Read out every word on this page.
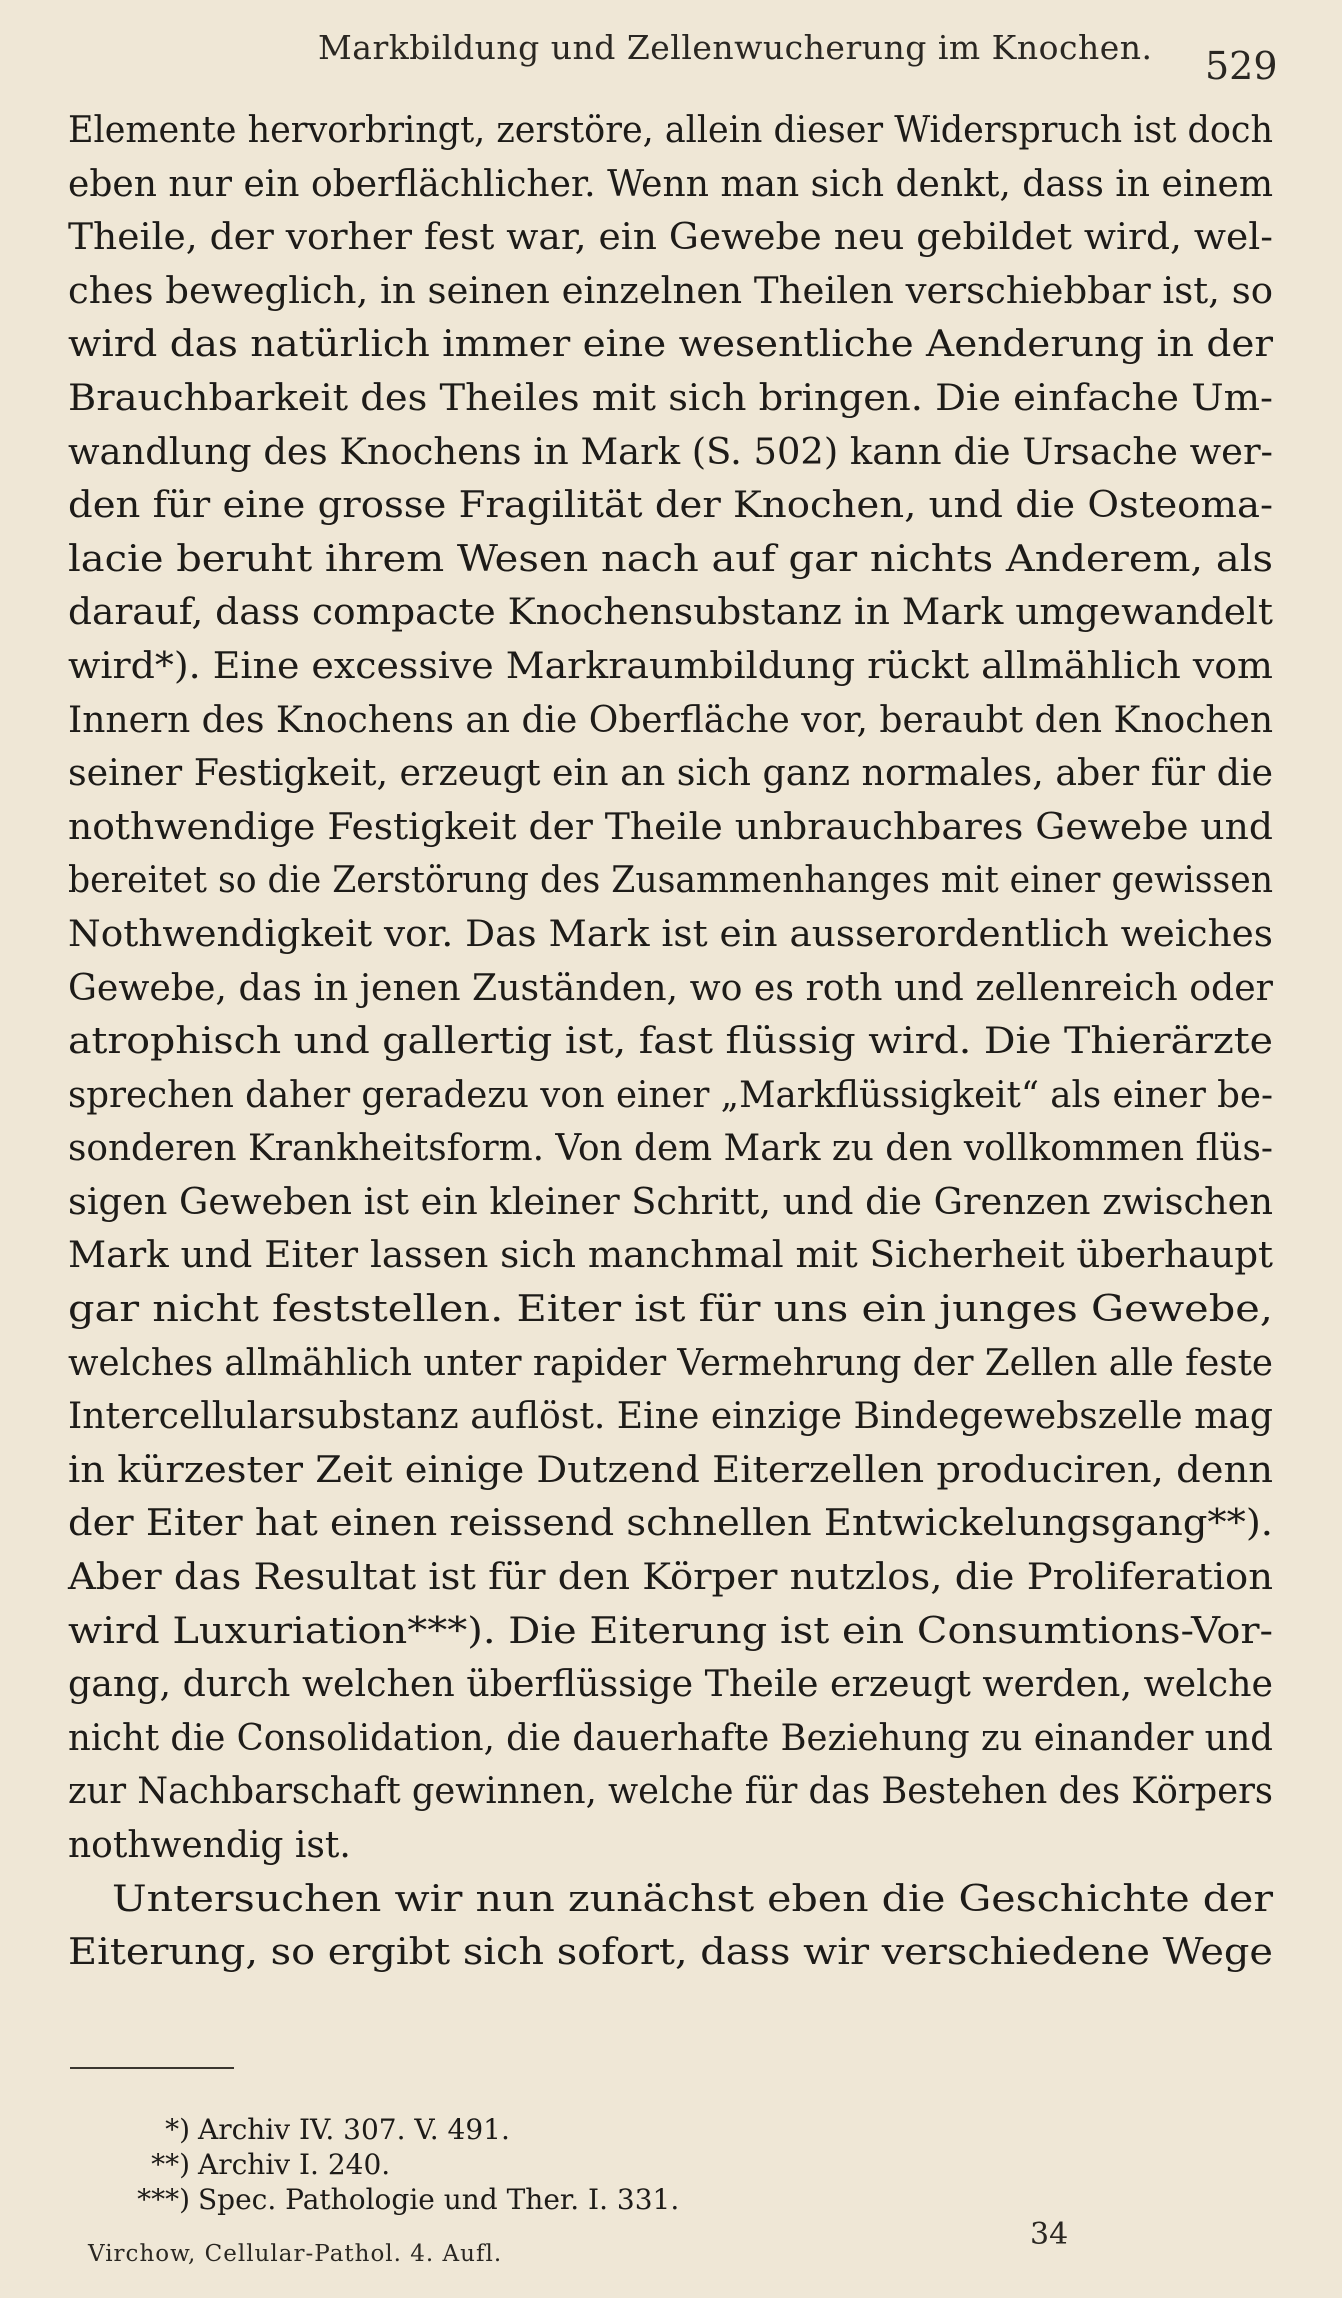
Markbildung und Zellenwucherung im Knochen. 529
Elemente hervorbringt, zerstöre, allein dieser Widerspruch ist doch
eben nur ein oberflächlicher. Wenn man sich denkt, dass in einem
Theile, der vorher fest war, ein Gewebe neu gebildet wird, wel-
ches beweglich, in seinen einzelnen Theilen verschiebbar ist, so
wird das natürlich immer eine wesentliche Aenderung in der
Brauchbarkeit des Theiles mit sich bringen. Die einfache Um-
wandlung des Knochens in Mark (S. 502) kann die Ursache wer-
den für eine grosse Fragilität der Knochen, und die Osteoma-
lacie beruht ihrem Wesen nach auf gar nichts Anderem, als
darauf, dass compacte Knochensubstanz in Mark umgewandelt
wird*). Eine excessive Markraumbildung rückt allmählich vom
Innern des Knochens an die Oberfläche vor, beraubt den Knochen
seiner Festigkeit, erzeugt ein an sich ganz normales, aber für die
nothwendige Festigkeit der Theile unbrauchbares Gewebe und
bereitet so die Zerstörung des Zusammenhanges mit einer gewissen
Nothwendigkeit vor. Das Mark ist ein ausserordentlich weiches
Gewebe, das in jenen Zuständen, wo es roth und zellenreich oder
atrophisch und gallertig ist, fast flüssig wird. Die Thierärzte
sprechen daher geradezu von einer „Markflüssigkeit“ als einer be-
sonderen Krankheitsform. Von dem Mark zu den vollkommen flüs-
sigen Geweben ist ein kleiner Schritt, und die Grenzen zwischen
Mark und Eiter lassen sich manchmal mit Sicherheit überhaupt
gar nicht feststellen. Eiter ist für uns ein junges Gewebe,
welches allmählich unter rapider Vermehrung der Zellen alle feste
Intercellularsubstanz auflöst. Eine einzige Bindegewebszelle mag
in kürzester Zeit einige Dutzend Eiterzellen produciren, denn
der Eiter hat einen reissend schnellen Entwickelungsgang**).
Aber das Resultat ist für den Körper nutzlos, die Proliferation
wird Luxuriation***). Die Eiterung ist ein Consumtions-Vor-
gang, durch welchen überflüssige Theile erzeugt werden, welche
nicht die Consolidation, die dauerhafte Beziehung zu einander und
zur Nachbarschaft gewinnen, welche für das Bestehen des Körpers
nothwendig ist.
Untersuchen wir nun zunächst eben die Geschichte der
Eiterung, so ergibt sich sofort, dass wir verschiedene Wege
*) Archiv IV. 307. V. 491.
**) Archiv I. 240.
***) Spec. Pathologie und Ther. I. 331.
Virchow, Cellular-Pathol. 4. Aufl.
34
